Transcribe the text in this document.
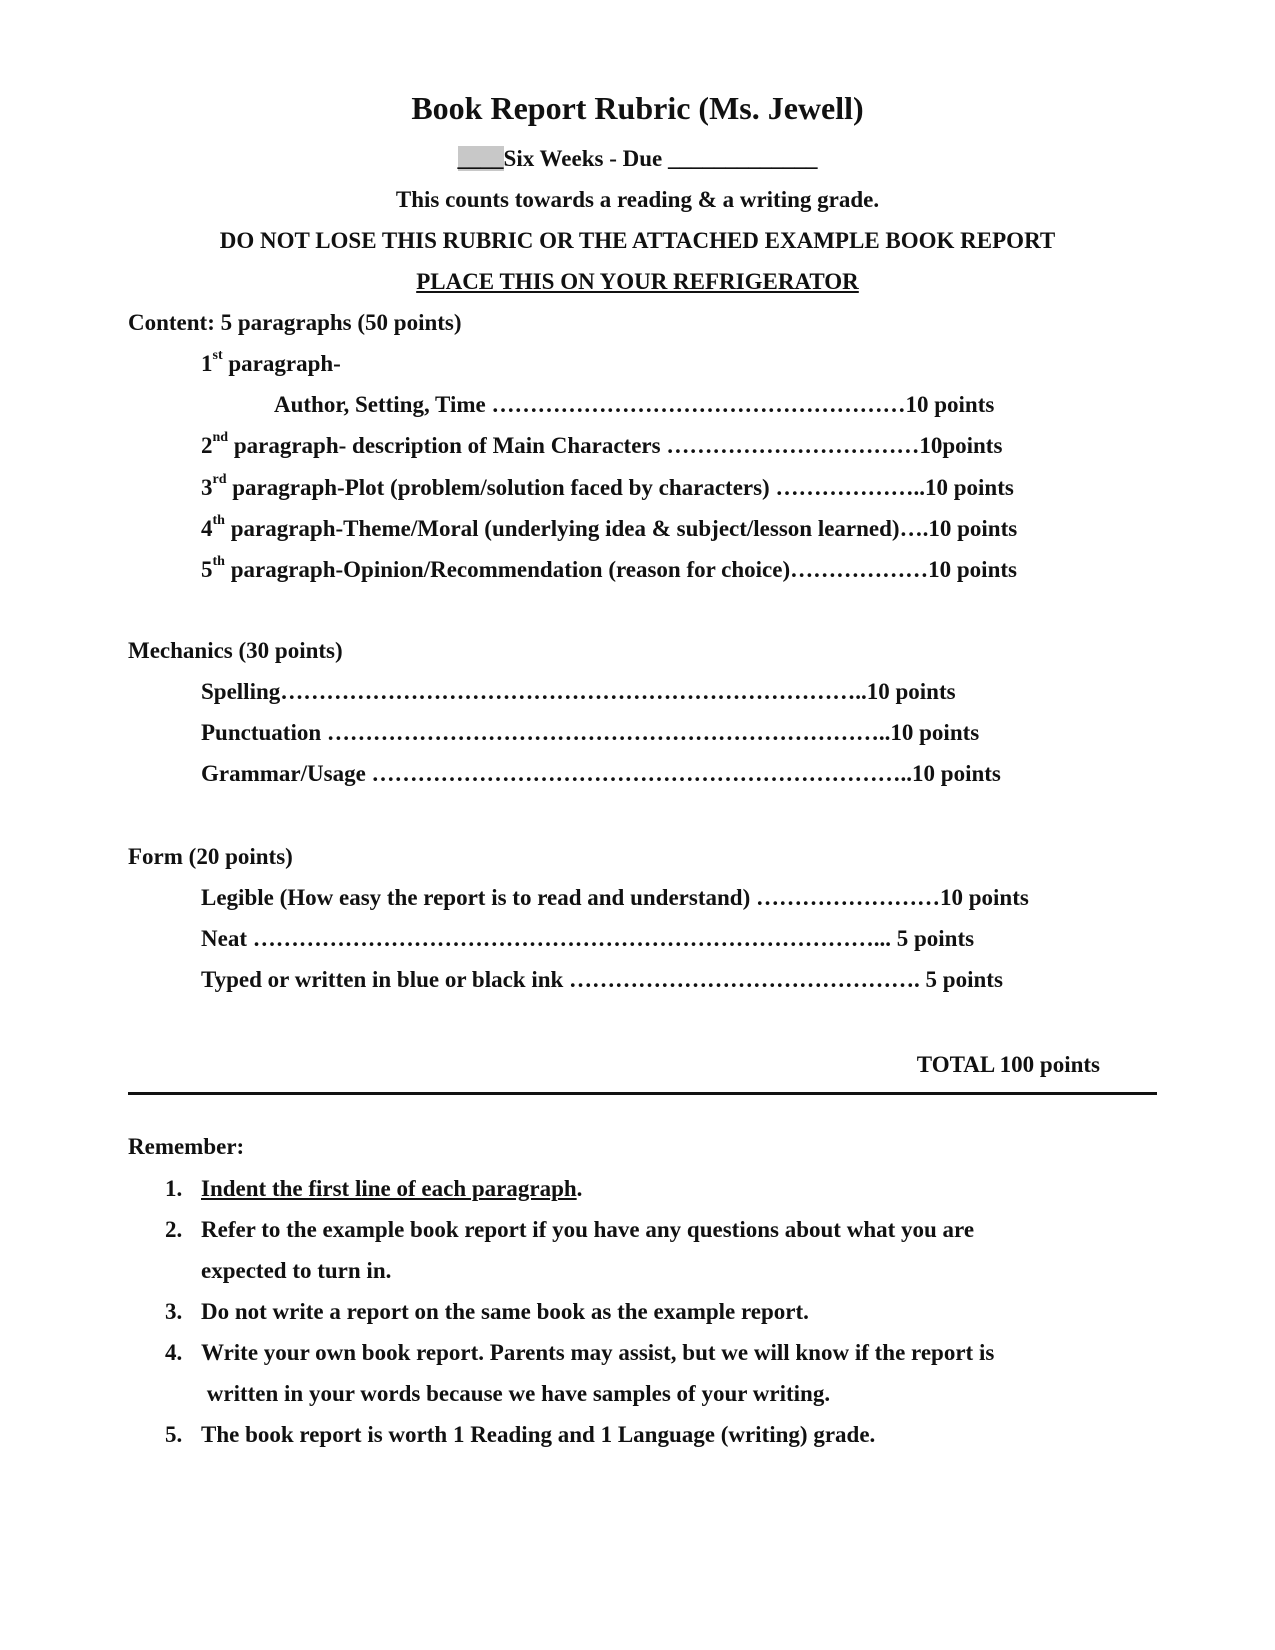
Book Report Rubric (Ms. Jewell)
____Six Weeks - Due _____________
This counts towards a reading & a writing grade.
DO NOT LOSE THIS RUBRIC OR THE ATTACHED EXAMPLE BOOK REPORT
PLACE THIS ON YOUR REFRIGERATOR
Content: 5 paragraphs (50 points)
1st paragraph-
Author, Setting, Time ………………………………………………10 points
2nd paragraph- description of Main Characters ……………………………10points
3rd paragraph-Plot (problem/solution faced by characters) ………………..10 points
4th paragraph-Theme/Moral (underlying idea & subject/lesson learned)….10 points
5th paragraph-Opinion/Recommendation (reason for choice)………………10 points
Mechanics (30 points)
Spelling…………………………………………………………………..10 points
Punctuation ………………………………………………………………..10 points
Grammar/Usage ……………………………………………………………..10 points
Form (20 points)
Legible (How easy the report is to read and understand) ……………………10 points
Neat ………………………………………………………………………... 5 points
Typed or written in blue or black ink ………………………………………. 5 points
TOTAL 100 points
Remember:
1. Indent the first line of each paragraph.
2. Refer to the example book report if you have any questions about what you are
expected to turn in.
3. Do not write a report on the same book as the example report.
4. Write your own book report. Parents may assist, but we will know if the report is
written in your words because we have samples of your writing.
5. The book report is worth 1 Reading and 1 Language (writing) grade.
